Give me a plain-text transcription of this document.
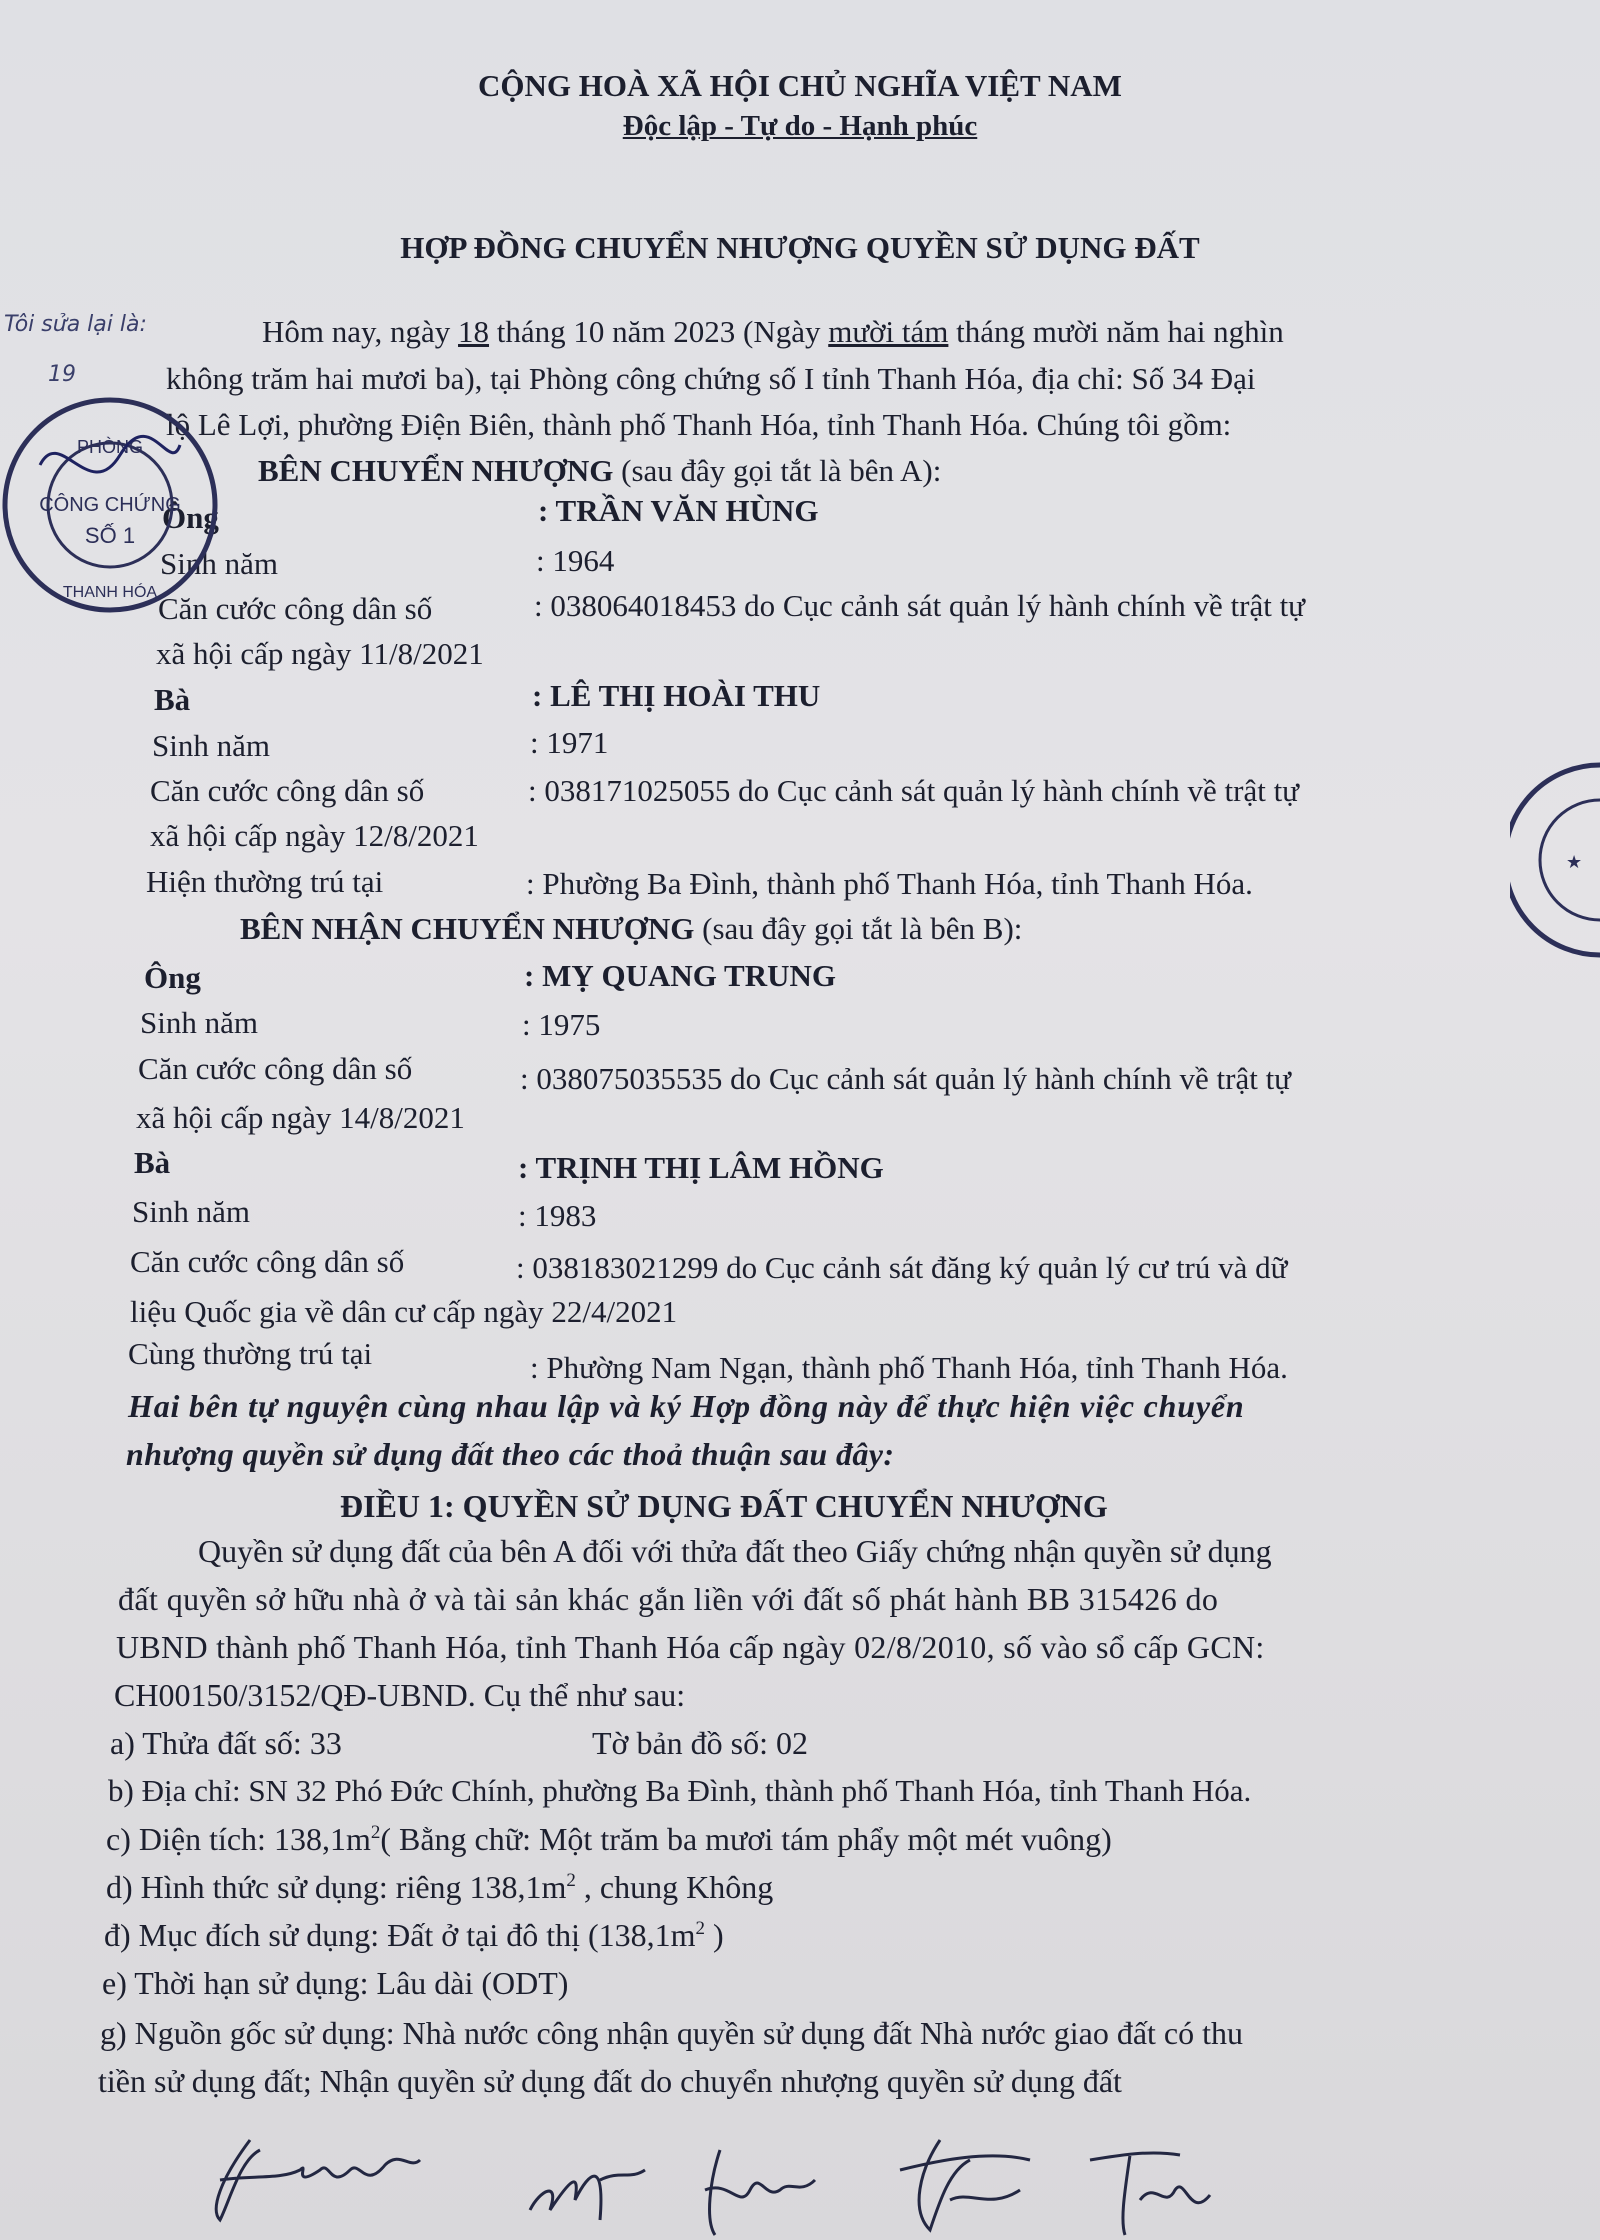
CỘNG HOÀ XÃ HỘI CHỦ NGHĨA VIỆT NAM
Độc lập - Tự do - Hạnh phúc
HỢP ĐỒNG CHUYỂN NHƯỢNG QUYỀN SỬ DỤNG ĐẤT
Tôi sửa lại là:
19
Hôm nay, ngày 18 tháng 10 năm 2023 (Ngày mười tám tháng mười năm hai nghìn
không trăm hai mươi ba), tại Phòng công chứng số I tỉnh Thanh Hóa, địa chỉ: Số 34 Đại
lộ Lê Lợi, phường Điện Biên, thành phố Thanh Hóa, tỉnh Thanh Hóa. Chúng tôi gồm:
BÊN CHUYỂN NHƯỢNG (sau đây gọi tắt là bên A):
Ông	: TRẦN VĂN HÙNG
Sinh năm	: 1964
Căn cước công dân số	: 038064018453 do Cục cảnh sát quản lý hành chính về trật tự
xã hội cấp ngày 11/8/2021
Bà	: LÊ THỊ HOÀI THU
Sinh năm	: 1971
Căn cước công dân số	: 038171025055 do Cục cảnh sát quản lý hành chính về trật tự
xã hội cấp ngày 12/8/2021
Hiện thường trú tại	: Phường Ba Đình, thành phố Thanh Hóa, tỉnh Thanh Hóa.
BÊN NHẬN CHUYỂN NHƯỢNG (sau đây gọi tắt là bên B):
Ông	: MỴ QUANG TRUNG
Sinh năm	: 1975
Căn cước công dân số	: 038075035535 do Cục cảnh sát quản lý hành chính về trật tự
xã hội cấp ngày 14/8/2021
Bà	: TRỊNH THỊ LÂM HỒNG
Sinh năm	: 1983
Căn cước công dân số	: 038183021299 do Cục cảnh sát đăng ký quản lý cư trú và dữ
liệu Quốc gia về dân cư cấp ngày 22/4/2021
Cùng thường trú tại	: Phường Nam Ngạn, thành phố Thanh Hóa, tỉnh Thanh Hóa.
Hai bên tự nguyện cùng nhau lập và ký Hợp đồng này để thực hiện việc chuyển
nhượng quyền sử dụng đất theo các thoả thuận sau đây:
ĐIỀU 1: QUYỀN SỬ DỤNG ĐẤT CHUYỂN NHƯỢNG
Quyền sử dụng đất của bên A đối với thửa đất theo Giấy chứng nhận quyền sử dụng
đất quyền sở hữu nhà ở và tài sản khác gắn liền với đất số phát hành BB 315426 do
UBND thành phố Thanh Hóa, tỉnh Thanh Hóa cấp ngày 02/8/2010, số vào sổ cấp GCN:
CH00150/3152/QĐ-UBND. Cụ thể như sau:
a) Thửa đất số: 33	Tờ bản đồ số: 02
b) Địa chỉ: SN 32 Phó Đức Chính, phường Ba Đình, thành phố Thanh Hóa, tỉnh Thanh Hóa.
c) Diện tích: $138,1m^2$( Bằng chữ: Một trăm ba mươi tám phẩy một mét vuông)
d) Hình thức sử dụng: riêng $138,1m^2$ , chung Không
đ) Mục đích sử dụng: Đất ở tại đô thị ($138,1m^2$ )
e) Thời hạn sử dụng: Lâu dài (ODT)
g) Nguồn gốc sử dụng: Nhà nước công nhận quyền sử dụng đất Nhà nước giao đất có thu
tiền sử dụng đất; Nhận quyền sử dụng đất do chuyển nhượng quyền sử dụng đất
PHÒNG
CÔNG CHỨNG
SỐ 1
THANH HÓA
★
